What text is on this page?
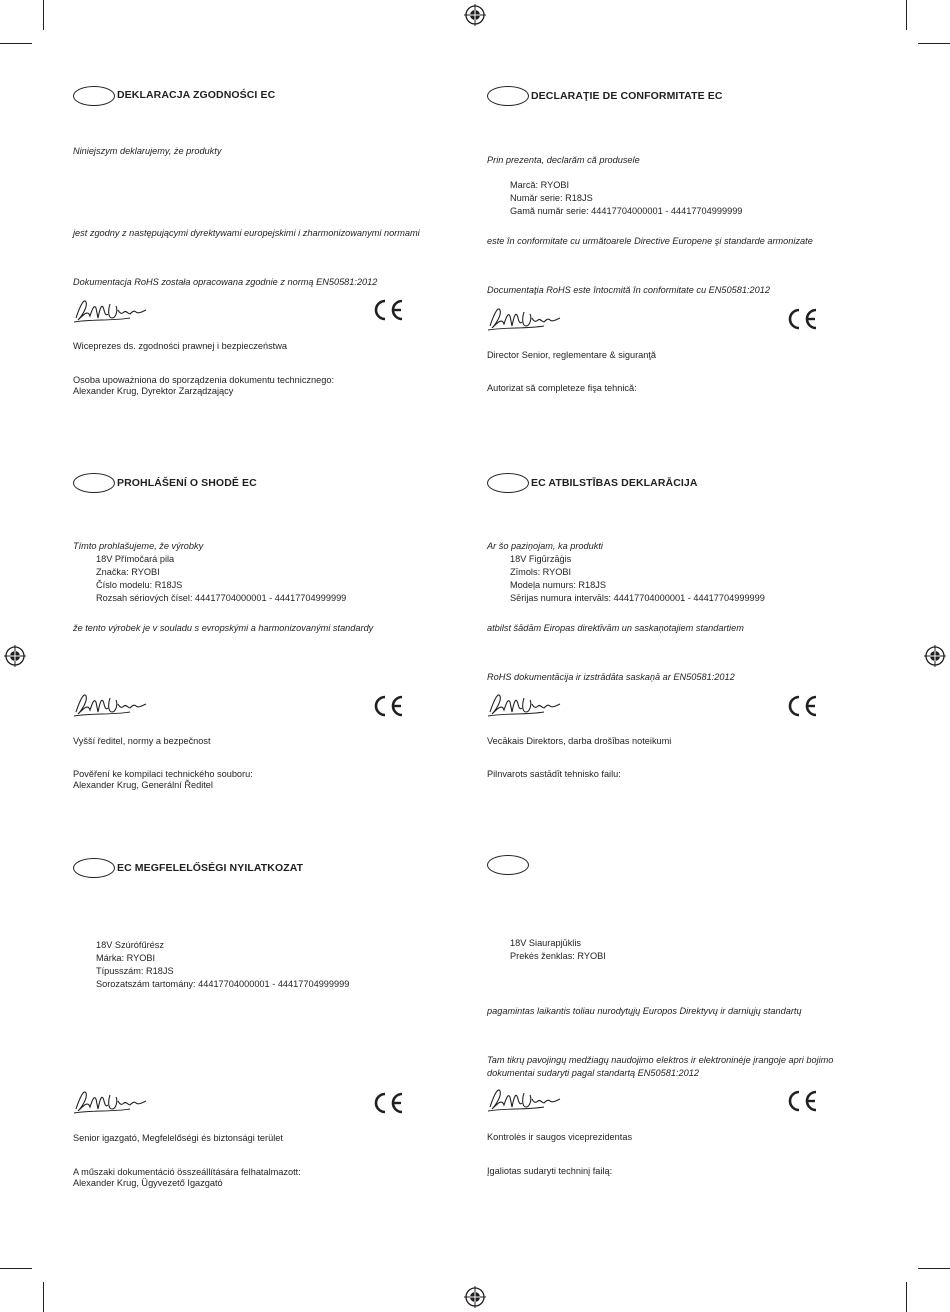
DEKLARACJA ZGODNOŚCI EC
Niniejszym deklarujemy, że produkty
jest zgodny z następującymi dyrektywami europejskimi i zharmonizowanymi normami
Dokumentacja RoHS została opracowana zgodnie z normą EN50581:2012
Wiceprezes ds. zgodności prawnej i bezpieczeństwa
Osoba upoważniona do sporządzenia dokumentu technicznego:
Alexander Krug, Dyrektor Zarządzający
DECLARAŢIE DE CONFORMITATE EC
Prin prezenta, declarăm că produsele
Marcă: RYOBI
Număr serie: R18JS
Gamă număr serie: 44417704000001 - 44417704999999
este în conformitate cu următoarele Directive Europene şi standarde armonizate
Documentaţia RoHS este întocmită în conformitate cu EN50581:2012
Director Senior, reglementare & siguranţă
Autorizat să completeze fişa tehnică:
PROHLÁŠENÍ O SHODĚ EC
Tímto prohlašujeme, že výrobky
18V Přímočará pila
Značka: RYOBI
Číslo modelu: R18JS
Rozsah sériových čísel: 44417704000001 - 44417704999999
že tento výrobek je v souladu s evropskými a harmonizovanými standardy
Vyšší ředitel, normy a bezpečnost
Pověření ke kompilaci technického souboru:
Alexander Krug, Generální Ředitel
EC ATBILSTĪBAS DEKLARĀCIJA
Ar šo paziņojam, ka produkti
18V Figūrzāģis
Zīmols: RYOBI
Modeļa numurs: R18JS
Sērijas numura intervāls: 44417704000001 - 44417704999999
atbilst šādām Eiropas direktīvām un saskaņotajiem standartiem
RoHS dokumentācija ir izstrādāta saskaņā ar EN50581:2012
Vecākais Direktors, darba drošības noteikumi
Pilnvarots sastādīt tehnisko failu:
EC MEGFELELŐSÉGI NYILATKOZAT
18V Szúrófűrész
Márka: RYOBI
Típusszám: R18JS
Sorozatszám tartomány: 44417704000001 - 44417704999999
Senior igazgató, Megfelelőségi és biztonsági terület
A műszaki dokumentáció összeállítására felhatalmazott:
Alexander Krug, Ügyvezető Igazgató
18V Siaurapjūklis
Prekės ženklas: RYOBI
pagamintas laikantis toliau nurodytųjų Europos Direktyvų ir darniųjų standartų
Tam tikrų pavojingų medžiagų naudojimo elektros ir elektroninėje įrangoje apri bojimo
dokumentai sudaryti pagal standartą EN50581:2012
Kontrolės ir saugos viceprezidentas
Įgaliotas sudaryti techninį failą:
